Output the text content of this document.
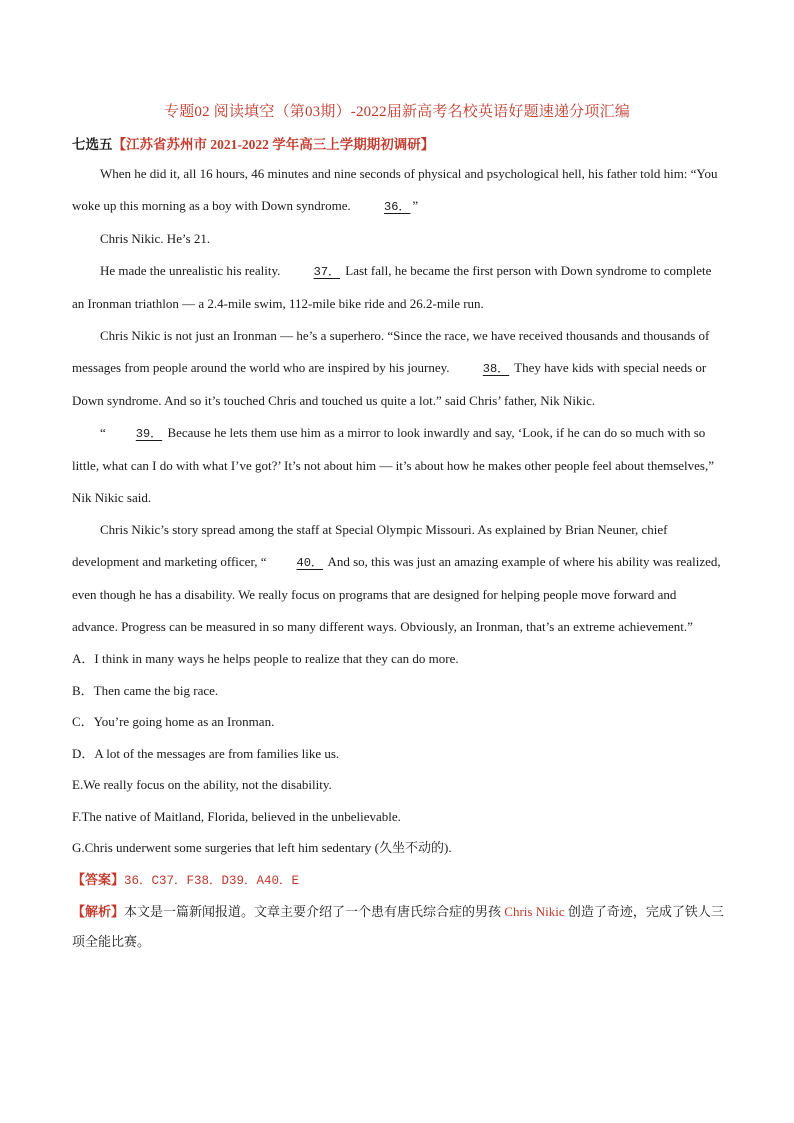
专题02 阅读填空（第03期）-2022届新高考名校英语好题速递分项汇编
七选五【江苏省苏州市 2021-2022 学年高三上学期期初调研】

When he did it, all 16 hours, 46 minutes and nine seconds of physical and psychological hell, his father told him: “You woke up this morning as a boy with Down syndrome.	36． ”

Chris Nikic. He’s 21.

He made the unrealistic his reality.	37． Last fall, he became the first person with Down syndrome to complete an Ironman triathlon — a 2.4-mile swim, 112-mile bike ride and 26.2-mile run.

Chris Nikic is not just an Ironman — he’s a superhero. “Since the race, we have received thousands and thousands of messages from people around the world who are inspired by his journey.	38． They have kids with special needs or Down syndrome. And so it’s touched Chris and touched us quite a lot.” said Chris’ father, Nik Nikic.

“	39． Because he lets them use him as a mirror to look inwardly and say, ‘Look, if he can do so much with so little, what can I do with what I’ve got?’ It’s not about him — it’s about how he makes other people feel about themselves,” Nik Nikic said.

Chris Nikic’s story spread among the staff at Special Olympic Missouri. As explained by Brian Neuner, chief development and marketing officer, “	40． And so, this was just an amazing example of where his ability was realized, even though he has a disability. We really focus on programs that are designed for helping people move forward and advance. Progress can be measured in so many different ways. Obviously, an Ironman, that’s an extreme achievement.”

A．I think in many ways he helps people to realize that they can do more.

B．Then came the big race.

C．You’re going home as an Ironman.

D．A lot of the messages are from families like us.

E.We really focus on the ability, not the disability.

F.The native of Maitland, Florida, believed in the unbelievable.

G.Chris underwent some surgeries that left him sedentary (久坐不动的).

【答案】36．C37．F38．D39．A40．E

【解析】本文是一篇新闻报道。文章主要介绍了一个患有唐氏综合症的男孩 Chris Nikic 创造了奇迹，完成了铁人三项全能比赛。
